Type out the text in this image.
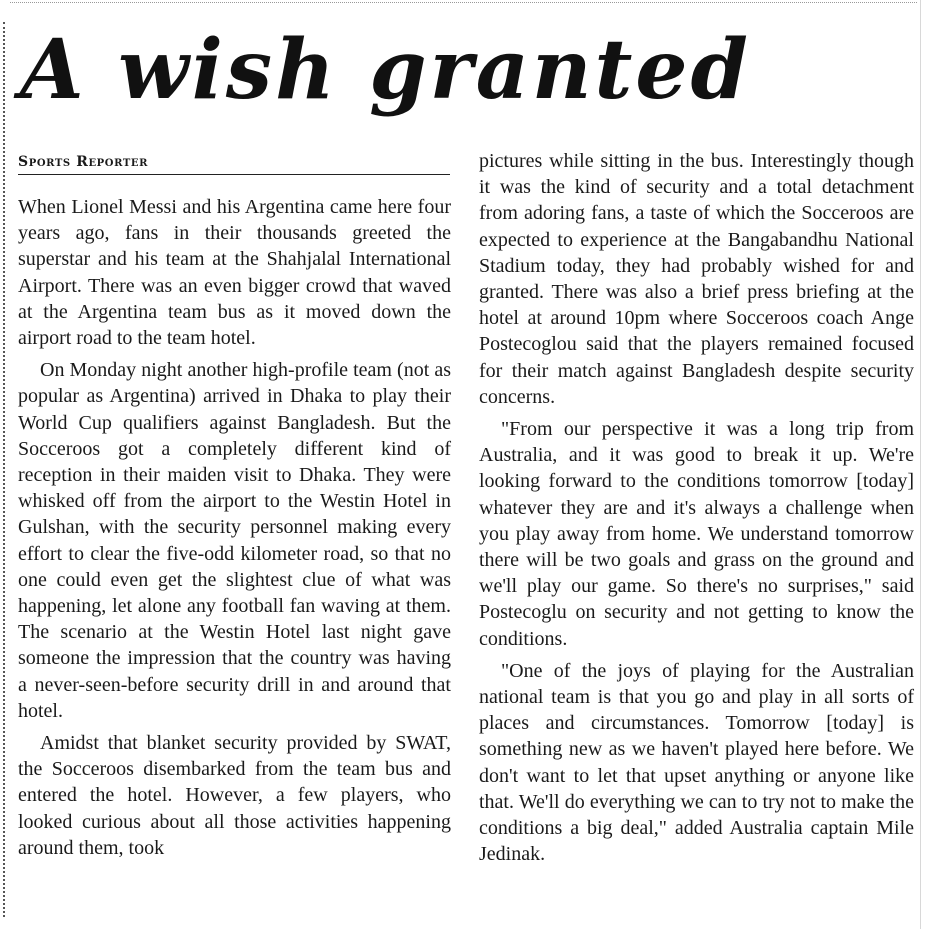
A wish granted
Sports Reporter

When Lionel Messi and his Argentina came here four years ago, fans in their thousands greeted the superstar and his team at the Shahjalal International Airport. There was an even bigger crowd that waved at the Argentina team bus as it moved down the airport road to the team hotel.

On Monday night another high-profile team (not as popular as Argentina) arrived in Dhaka to play their World Cup qualifiers against Bangladesh. But the Socceroos got a completely different kind of reception in their maiden visit to Dhaka. They were whisked off from the airport to the Westin Hotel in Gulshan, with the security personnel making every effort to clear the five-odd kilometer road, so that no one could even get the slightest clue of what was happening, let alone any football fan waving at them. The scenario at the Westin Hotel last night gave someone the impression that the country was having a never-seen-before security drill in and around that hotel.

Amidst that blanket security provided by SWAT, the Socceroos disembarked from the team bus and entered the hotel. However, a few players, who looked curious about all those activities happening around them, took

pictures while sitting in the bus. Interestingly though it was the kind of security and a total detachment from adoring fans, a taste of which the Socceroos are expected to experience at the Bangabandhu National Stadium today, they had probably wished for and granted. There was also a brief press briefing at the hotel at around 10pm where Socceroos coach Ange Postecoglou said that the players remained focused for their match against Bangladesh despite security concerns.

"From our perspective it was a long trip from Australia, and it was good to break it up. We're looking forward to the conditions tomorrow [today] whatever they are and it's always a challenge when you play away from home. We understand tomorrow there will be two goals and grass on the ground and we'll play our game. So there's no surprises," said Postecoglu on security and not getting to know the conditions.

"One of the joys of playing for the Australian national team is that you go and play in all sorts of places and circumstances. Tomorrow [today] is something new as we haven't played here before. We don't want to let that upset anything or anyone like that. We'll do everything we can to try not to make the conditions a big deal," added Australia captain Mile Jedinak.
